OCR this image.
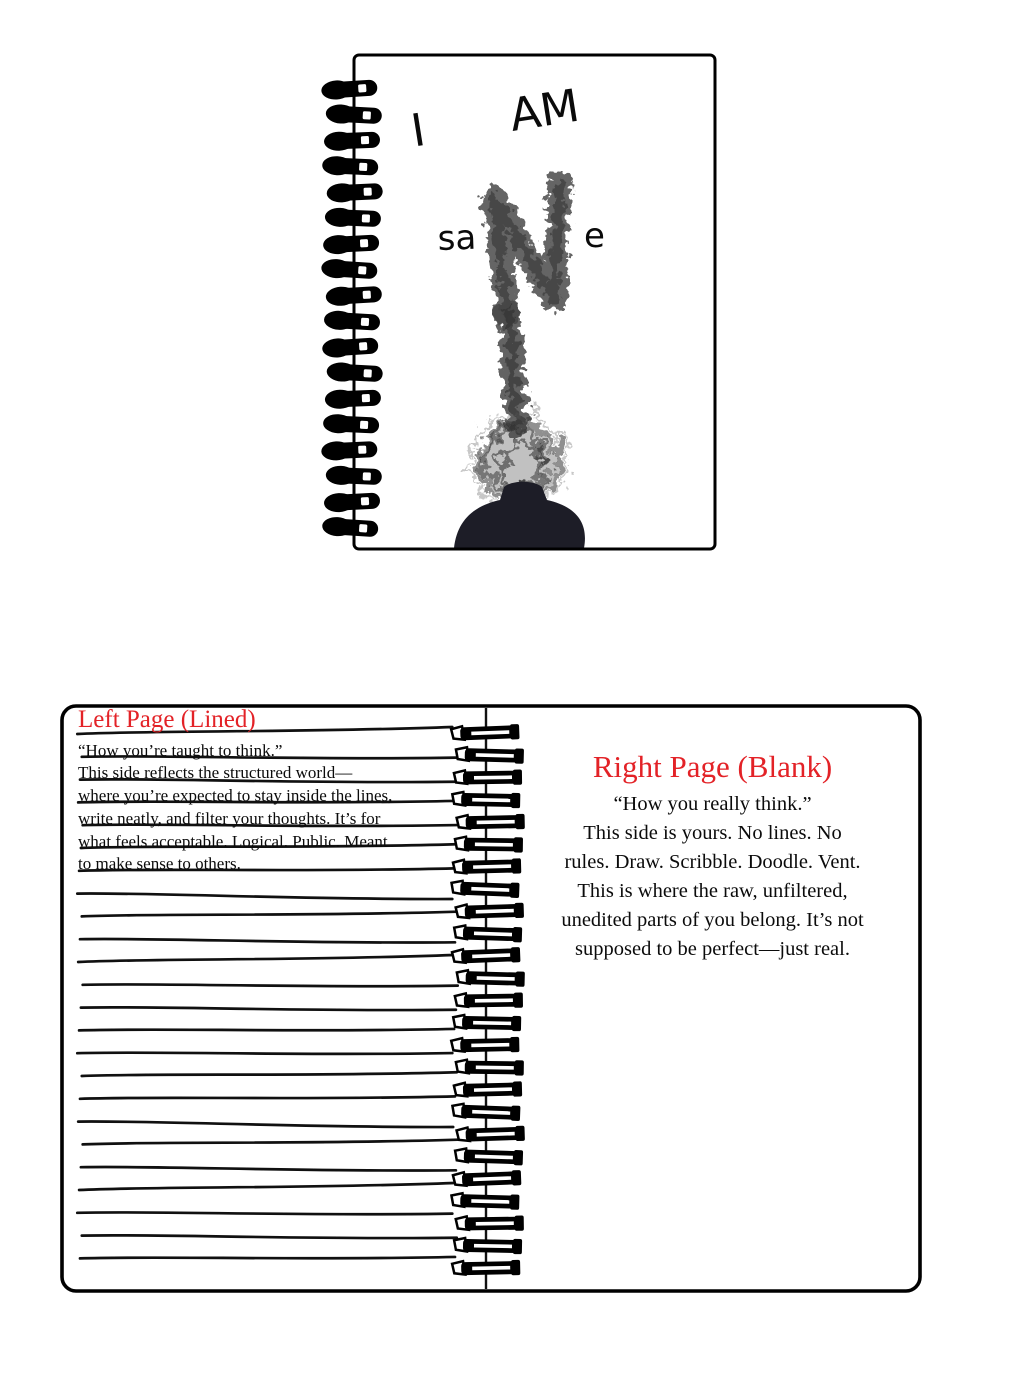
I AM
sa	e
Left Page (Lined)
“How you’re taught to think.”
This side reflects the structured world—
where you’re expected to stay inside the lines,
write neatly, and filter your thoughts. It’s for
what feels acceptable. Logical. Public. Meant
to make sense to others.
Right Page (Blank)
“How you really think.”
This side is yours. No lines. No
rules. Draw. Scribble. Doodle. Vent.
This is where the raw, unfiltered,
unedited parts of you belong. It’s not
supposed to be perfect—just real.
